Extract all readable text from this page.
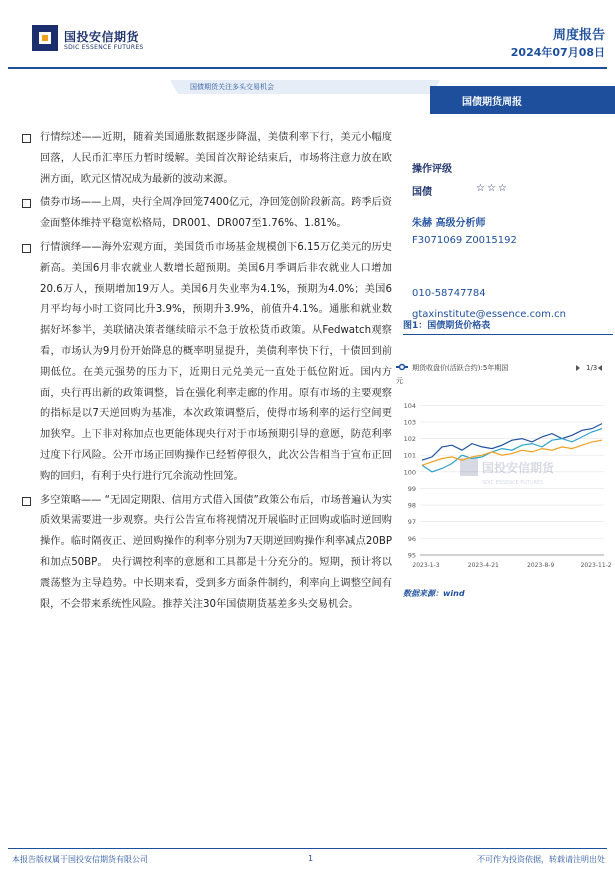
国投安信期货
SDIC ESSENCE FUTURES
周度报告
2024年07月08日
国债期货关注多头交易机会
国债期货周报

行情综述——近期，随着美国通胀数据逐步降温，美债利率下行，美元小幅度回落，人民币汇率压力暂时缓解。美国首次辩论结束后，市场将注意力放在欧洲方面，欧元区情况成为最新的波动来源。

债券市场——上周，央行全周净回笼7400亿元，净回笼创阶段新高。跨季后资金面整体维持平稳宽松格局，DR001、DR007至1.76%、1.81%。

行情演绎——海外宏观方面，美国货币市场基金规模创下6.15万亿美元的历史新高。美国6月非农就业人数增长超预期。美国6月季调后非农就业人口增加20.6万人，预期增加19万人。美国6月失业率为4.1%，预期为4.0%；美国6月平均每小时工资同比升3.9%，预期升3.9%，前值升4.1%。通胀和就业数据好坏参半，美联储决策者继续暗示不急于放松货币政策。从Fedwatch观察看，市场认为9月份开始降息的概率明显提升，美债利率快下行，十债回到前期低位。在美元强势的压力下，近期日元兑美元一直处于低位附近。国内方面，央行再出新的政策调整，旨在强化利率走廊的作用。原有市场的主要观察的指标是以7天逆回购为基准，本次政策调整后，使得市场利率的运行空间更加狭窄。上下非对称加点也更能体现央行对于市场预期引导的意愿，防范利率过度下行风险。公开市场正回购操作已经暂停很久，此次公告相当于宣布正回购的回归，有利于央行进行冗余流动性回笼。

多空策略—— “无固定期限、信用方式借入国债”政策公布后，市场普遍认为实质效果需要进一步观察。央行公告宣布将视情况开展临时正回购或临时逆回购操作。临时隔夜正、逆回购操作的利率分别为7天期逆回购操作利率减点20BP和加点50BP。 央行调控利率的意愿和工具都是十分充分的。短期，预计将以震荡整为主导趋势。中长期来看，受到多方面条件制约，利率向上调整空间有限，不会带来系统性风险。推荐关注30年国债期货基差多头交易机会。

操作评级
国债	☆☆☆
朱赫 高级分析师
F3071069 Z0015192
010-58747784
gtaxinstitute@essence.com.cn
图1：国债期货价格表
期货收盘价(活跃合约):5年期国
元
1/3
国投安信期货
SDIC ESSENCE FUTURES
95
96
97
98
99
100
101
102
103
104
2023-1-3	2023-4-21	2023-8-9	2023-11-27
数据来源：wind
本报告版权属于国投安信期货有限公司	1	不可作为投资依据，转载请注明出处
